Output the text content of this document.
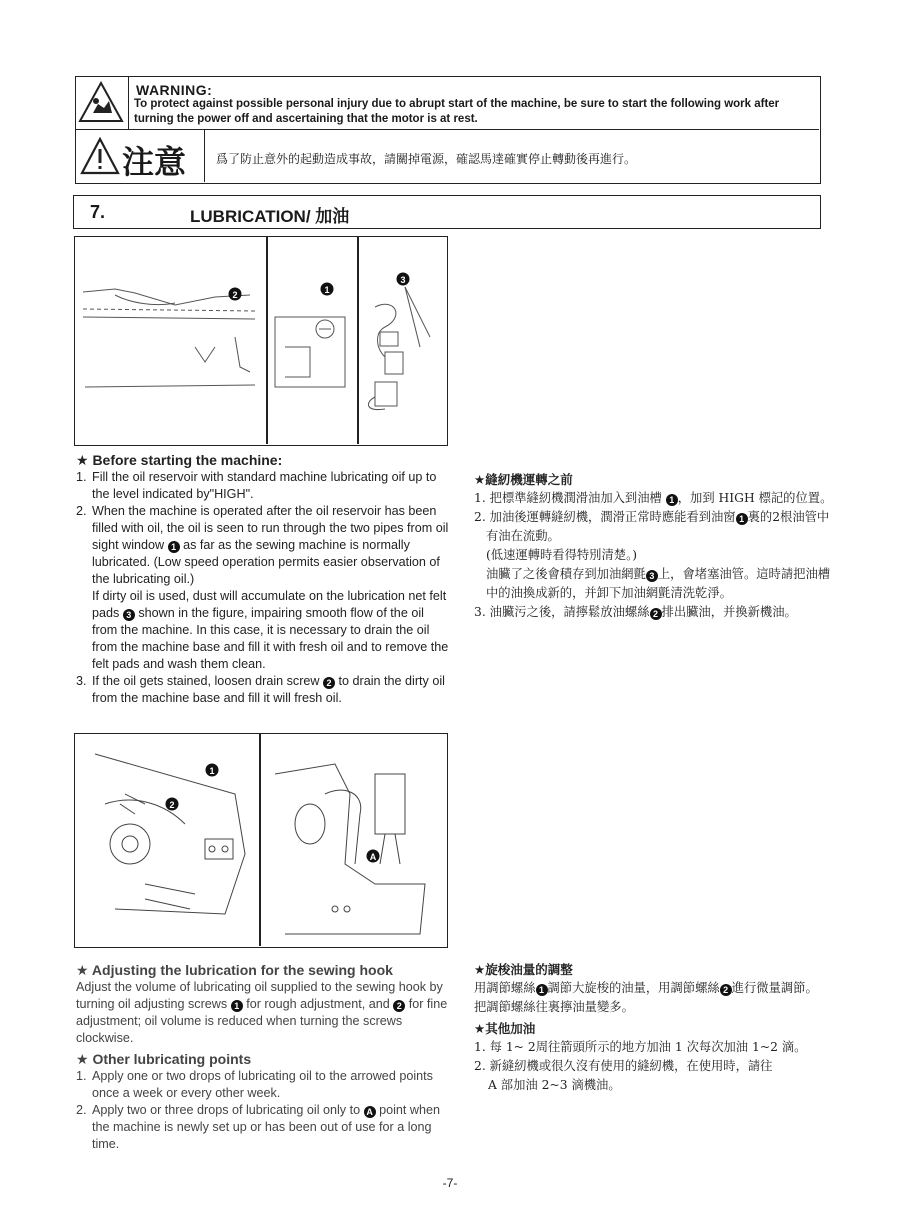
WARNING:
To protect against possible personal injury due to abrupt start of the machine, be sure to start the following work after turning the power off and ascertaining that the motor is at rest.
注意 爲了防止意外的起動造成事故，請關掉電源，確認馬達確實停止轉動後再進行。
7.	LUBRICATION/ 加油
2	1
3
★ Before starting the machine:
1. Fill the oil reservoir with standard machine lubricating oif up to the level indicated by"HIGH".
2. When the machine is operated after the oil reservoir has been filled with oil, the oil is seen to run through the two pipes from oil sight window 1 as far as the sewing machine is normally lubricated. (Low speed operation permits easier observation of the lubricating oil.)
If dirty oil is used, dust will accumulate on the lubrication net felt pads 3 shown in the figure, impairing smooth flow of the oil from the machine. In this case, it is necessary to drain the oil from the machine base and fill it with fresh oil and to remove the felt pads and wash them clean.
3. If the oil gets stained, loosen drain screw 2 to drain the dirty oil from the machine base and fill it will fresh oil.
★縫紉機運轉之前
1. 把標準縫紉機潤滑油加入到油槽 1 ，加到 HIGH 標記的位置。
2. 加油後運轉縫紉機，潤滑正常時應能看到油窗 1 裏的2根油管中有油在流動。
(低速運轉時看得特別清楚。)
油臟了之後會積存到加油網氈 3 上，會堵塞油管。這時請把油槽中的油換成新的，并卸下加油網氈清洗乾淨。
3. 油臟污之後，請擰鬆放油螺絲 2 排出臟油，并換新機油。
1
2
A
★ Adjusting the lubrication for the sewing hook
Adjust the volume of lubricating oil supplied to the sewing hook by turning oil adjusting screws 1 for rough adjustment, and 2 for fine adjustment; oil volume is reduced when turning the screws clockwise.
★ Other lubricating points
1. Apply one or two drops of lubricating oil to the arrowed points once a week or every other week.
2. Apply two or three drops of lubricating oil only to A point when the machine is newly set up or has been out of use for a long time.
★旋梭油量的調整
用調節螺絲 1 調節大旋梭的油量，用調節螺絲 2 進行微量調節。
把調節螺絲往裏擰油量變多。
★其他加油
1. 每 1~ 2周往箭頭所示的地方加油 1 次每次加油 1~2 滴。
2. 新縫紉機或很久沒有使用的縫紉機，在使用時，請往
A 部加油 2~3 滴機油。
-7-
